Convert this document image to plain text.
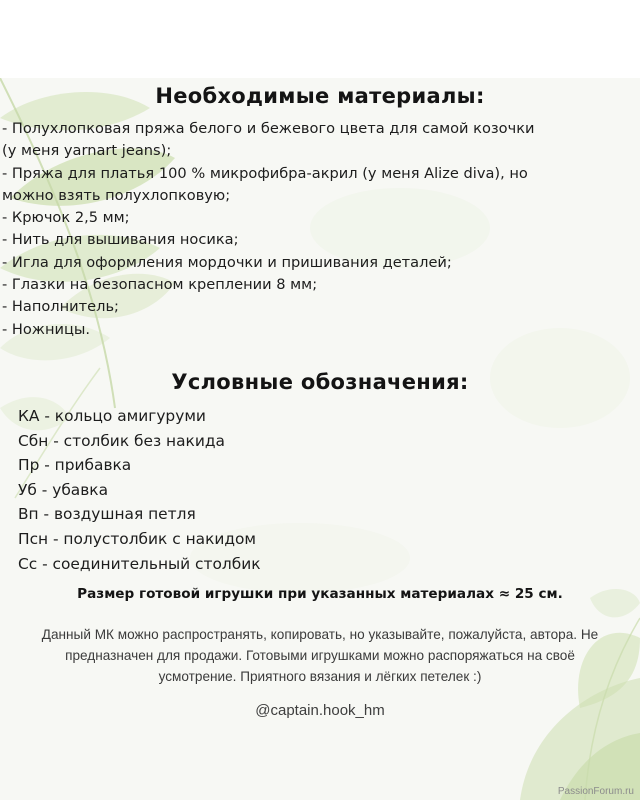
Необходимые материалы:
- Полухлопковая пряжа белого и бежевого цвета для самой козочки
(у меня yarnart jeans);
- Пряжа для платья 100 % микрофибра-акрил (у меня Alize diva), но
можно взять полухлопковую;
- Крючок 2,5 мм;
- Нить для вышивания носика;
- Игла для оформления мордочки и пришивания деталей;
- Глазки на безопасном креплении 8 мм;
- Наполнитель;
- Ножницы.
Условные обозначения:
КА - кольцо амигуруми
Сбн - столбик без накида
Пр - прибавка
Уб - убавка
Вп - воздушная петля
Псн - полустолбик с накидом
Сс - соединительный столбик
Размер готовой игрушки при указанных материалах ≈ 25 см.
Данный МК можно распространять, копировать, но указывайте, пожалуйста, автора. Не
предназначен для продажи. Готовыми игрушками можно распоряжаться на своё
усмотрение. Приятного вязания и лёгких петелек :)
@captain.hook_hm
PassionForum.ru
